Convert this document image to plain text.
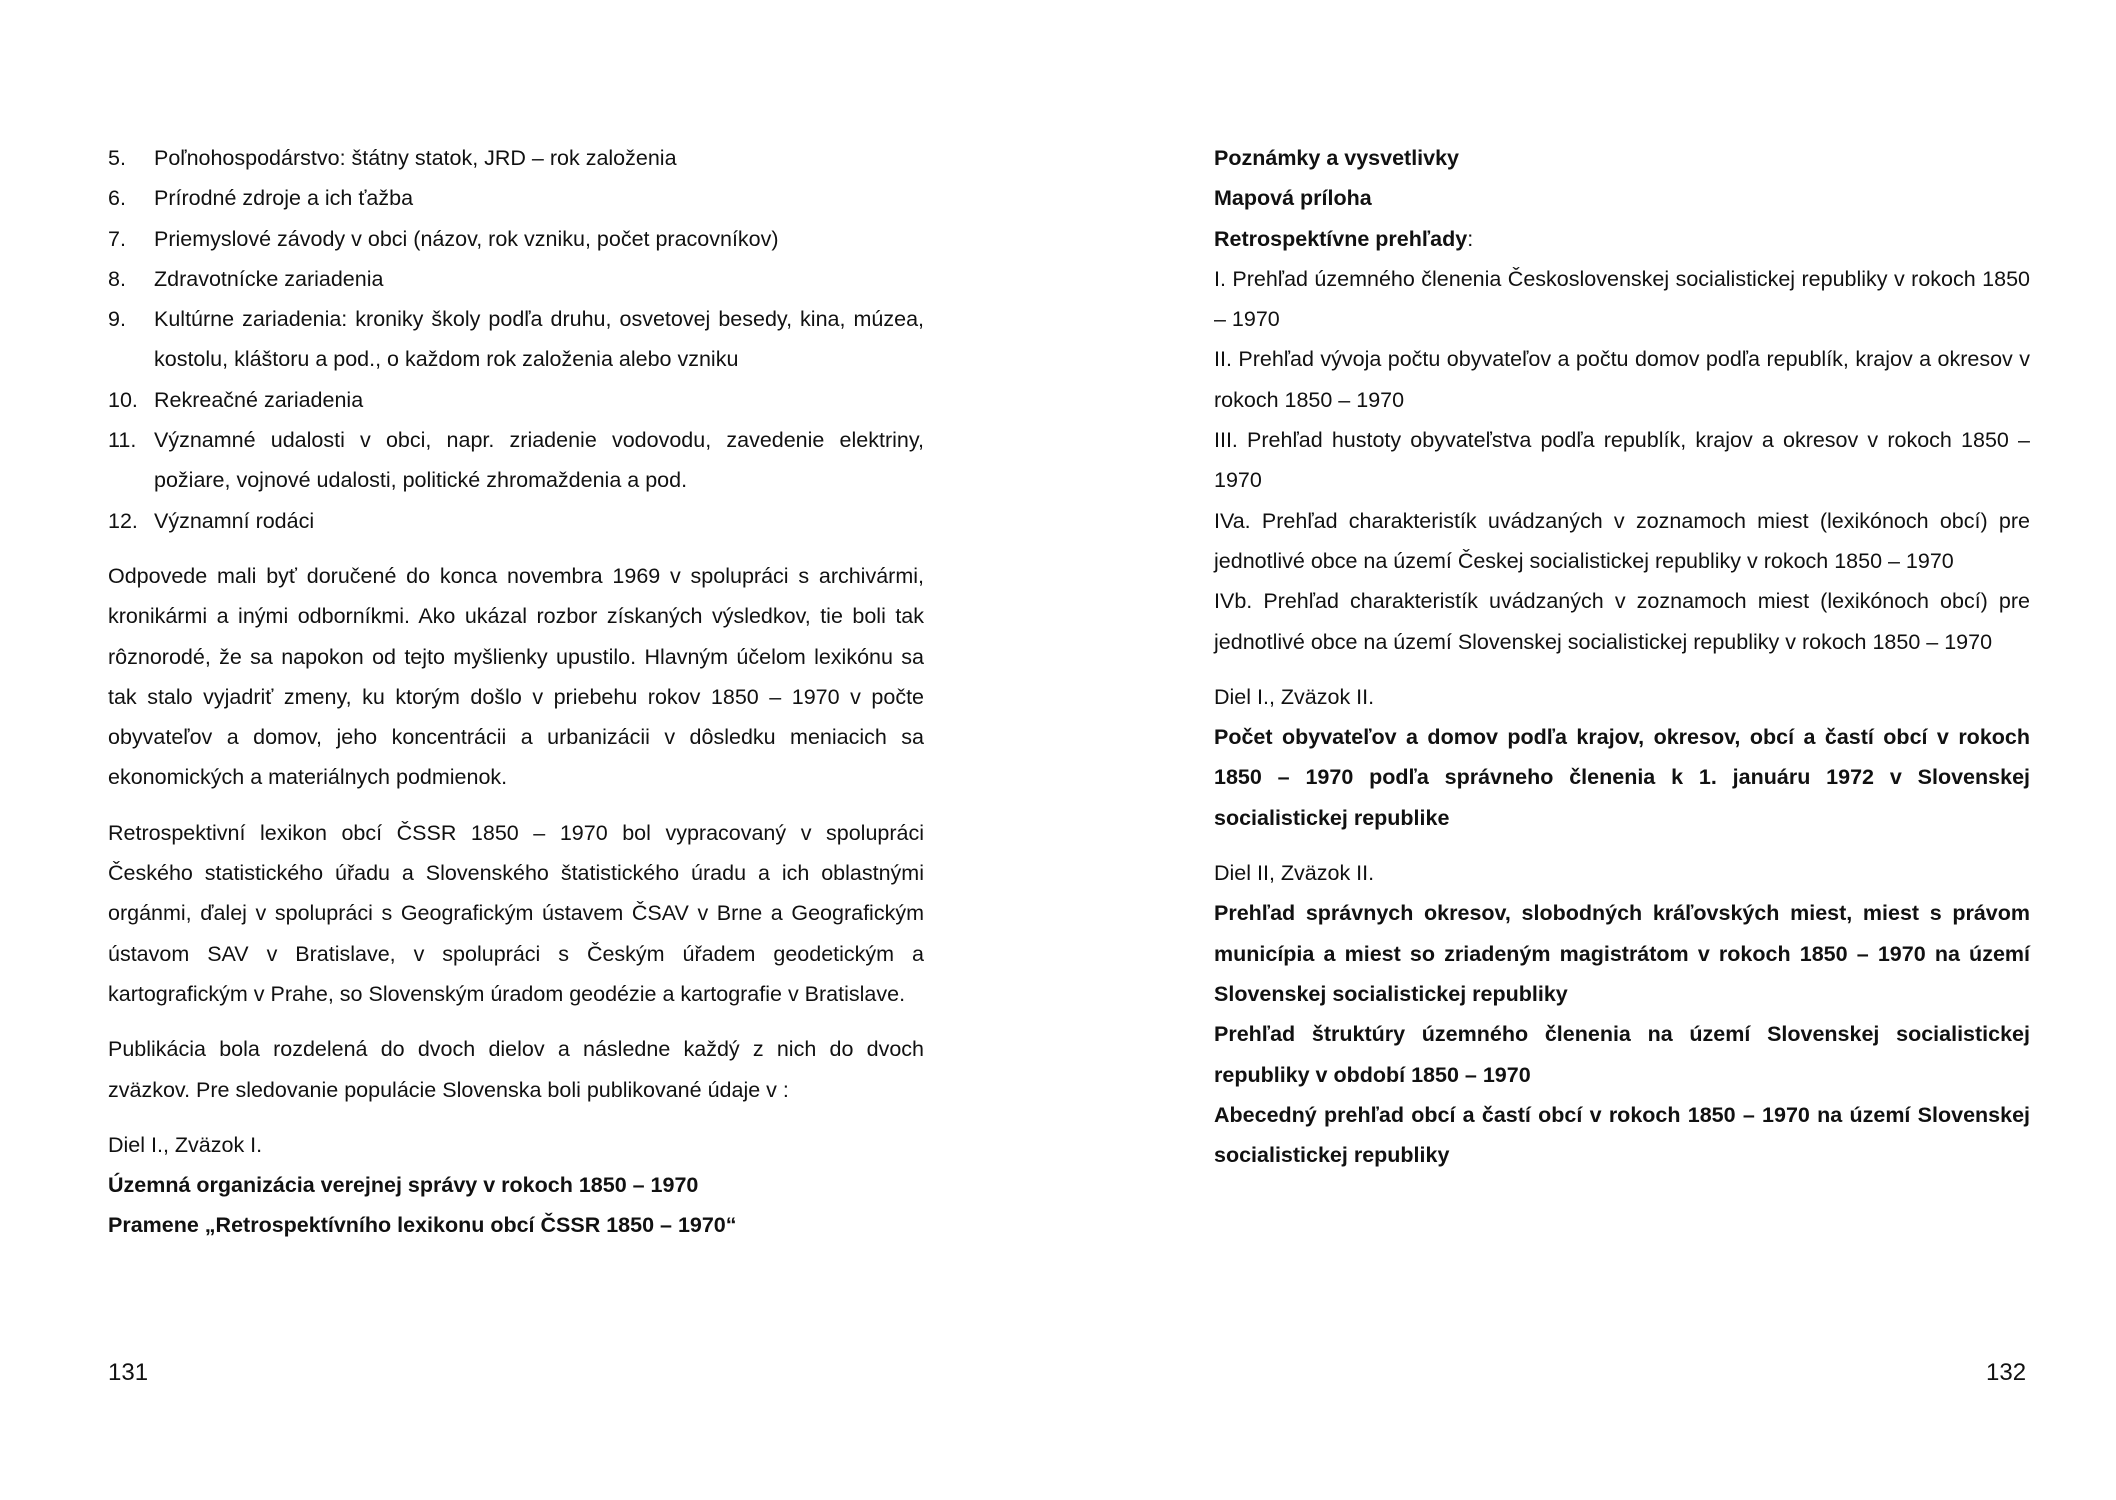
5. Poľnohospodárstvo: štátny statok, JRD – rok založenia
6. Prírodné zdroje a ich ťažba
7. Priemyslové závody v obci (názov, rok vzniku, počet pracovníkov)
8. Zdravotnícke zariadenia
9. Kultúrne zariadenia: kroniky školy podľa druhu, osvetovej besedy, kina, múzea, kostolu, kláštoru a pod., o každom rok založenia alebo vzniku
10. Rekreačné zariadenia
11. Významné udalosti v obci, napr. zriadenie vodovodu, zavedenie elektriny, požiare, vojnové udalosti, politické zhromaždenia a pod.
12. Významní rodáci

Odpovede mali byť doručené do konca novembra 1969 v spolupráci s archivármi, kronikármi a inými odborníkmi. Ako ukázal rozbor získaných výsledkov, tie boli tak rôznorodé, že sa napokon od tejto myšlienky upustilo. Hlavným účelom lexikónu sa tak stalo vyjadriť zmeny, ku ktorým došlo v priebehu rokov 1850 – 1970 v počte obyvateľov a domov, jeho koncentrácii a urbanizácii v dôsledku meniacich sa ekonomických a materiálnych podmienok.

Retrospektivní lexikon obcí ČSSR 1850 – 1970 bol vypracovaný v spolupráci Českého statistického úřadu a Slovenského štatistického úradu a ich oblastnými orgánmi, ďalej v spolupráci s Geografickým ústavem ČSAV v Brne a Geografickým ústavom SAV v Bratislave, v spolupráci s Českým úřadem geodetickým a kartografickým v Prahe, so Slovenským úradom geodézie a kartografie v Bratislave.

Publikácia bola rozdelená do dvoch dielov a následne každý z nich do dvoch zväzkov. Pre sledovanie populácie Slovenska boli publikované údaje v :

Diel I., Zväzok I.

Územná organizácia verejnej správy v rokoch 1850 – 1970

Pramene „Retrospektívního lexikonu obcí ČSSR 1850 – 1970“

Poznámky a vysvetlivky

Mapová príloha

Retrospektívne prehľady:

I. Prehľad územného členenia Československej socialistickej republiky v rokoch 1850 – 1970

II. Prehľad vývoja počtu obyvateľov a počtu domov podľa republík, krajov a okresov v rokoch 1850 – 1970

III. Prehľad hustoty obyvateľstva podľa republík, krajov a okresov v rokoch 1850 – 1970

IVa. Prehľad charakteristík uvádzaných v zoznamoch miest (lexikónoch obcí) pre jednotlivé obce na území Českej socialistickej republiky v rokoch 1850 – 1970

IVb. Prehľad charakteristík uvádzaných v zoznamoch miest (lexikónoch obcí) pre jednotlivé obce na území Slovenskej socialistickej republiky v rokoch 1850 – 1970

Diel I., Zväzok II.

Počet obyvateľov a domov podľa krajov, okresov, obcí a častí obcí v rokoch 1850 – 1970 podľa správneho členenia k 1. januáru 1972 v Slovenskej socialistickej republike

Diel II, Zväzok II.

Prehľad správnych okresov, slobodných kráľovských miest, miest s právom municípia a miest so zriadeným magistrátom v rokoch 1850 – 1970 na území Slovenskej socialistickej republiky

Prehľad štruktúry územného členenia na území Slovenskej socialistickej republiky v období 1850 – 1970

Abecedný prehľad obcí a častí obcí v rokoch 1850 – 1970 na území Slovenskej socialistickej republiky

131	132
